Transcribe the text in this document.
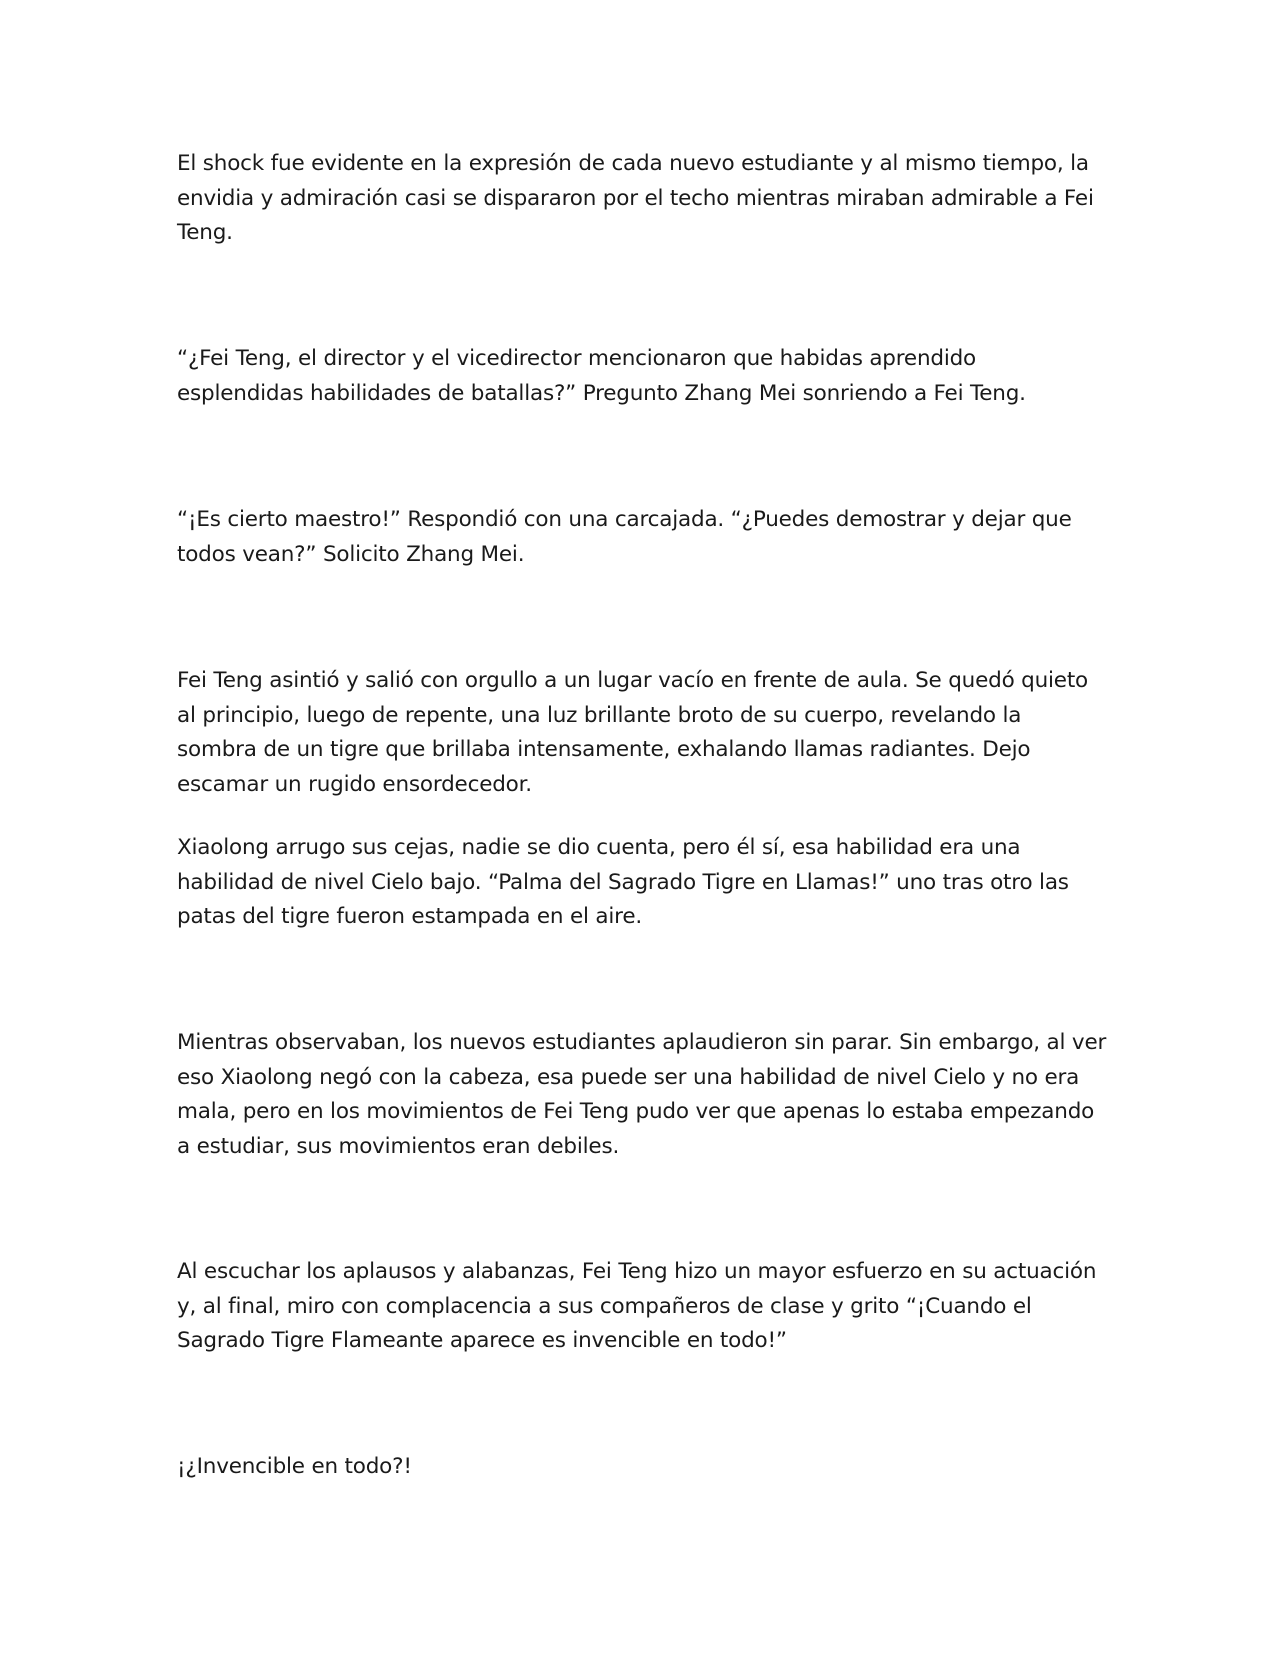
El shock fue evidente en la expresión de cada nuevo estudiante y al mismo tiempo, la envidia y admiración casi se dispararon por el techo mientras miraban admirable a Fei Teng.

“¿Fei Teng, el director y el vicedirector mencionaron que habidas aprendido esplendidas habilidades de batallas?” Pregunto Zhang Mei sonriendo a Fei Teng.

“¡Es cierto maestro!” Respondió con una carcajada. “¿Puedes demostrar y dejar que todos vean?” Solicito Zhang Mei.

Fei Teng asintió y salió con orgullo a un lugar vacío en frente de aula. Se quedó quieto al principio, luego de repente, una luz brillante broto de su cuerpo, revelando la sombra de un tigre que brillaba intensamente, exhalando llamas radiantes. Dejo escamar un rugido ensordecedor.

Xiaolong arrugo sus cejas, nadie se dio cuenta, pero él sí, esa habilidad era una habilidad de nivel Cielo bajo. “Palma del Sagrado Tigre en Llamas!” uno tras otro las patas del tigre fueron estampada en el aire.

Mientras observaban, los nuevos estudiantes aplaudieron sin parar. Sin embargo, al ver eso Xiaolong negó con la cabeza, esa puede ser una habilidad de nivel Cielo y no era mala, pero en los movimientos de Fei Teng pudo ver que apenas lo estaba empezando a estudiar, sus movimientos eran debiles.

Al escuchar los aplausos y alabanzas, Fei Teng hizo un mayor esfuerzo en su actuación y, al final, miro con complacencia a sus compañeros de clase y grito “¡Cuando el Sagrado Tigre Flameante aparece es invencible en todo!”

¡¿Invencible en todo?!
